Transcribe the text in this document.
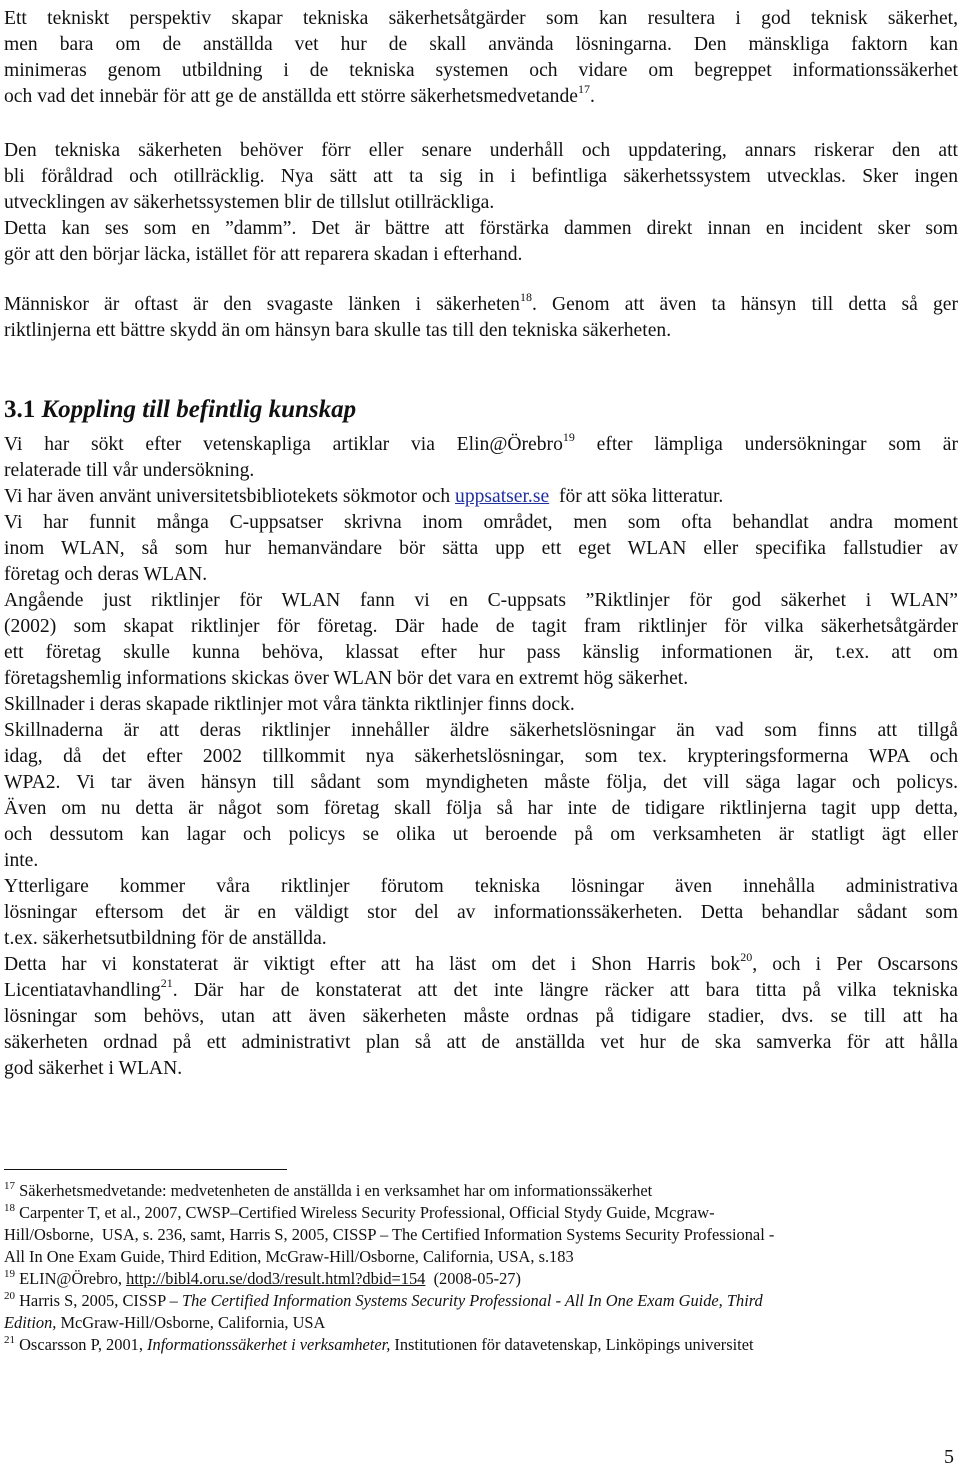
Ett tekniskt perspektiv skapar tekniska säkerhetsåtgärder som kan resultera i god teknisk säkerhet,
men bara om de anställda vet hur de skall använda lösningarna. Den mänskliga faktorn kan
minimeras genom utbildning i de tekniska systemen och vidare om begreppet informationssäkerhet
och vad det innebär för att ge de anställda ett större säkerhetsmedvetande$^{17}$.

Den tekniska säkerheten behöver förr eller senare underhåll och uppdatering, annars riskerar den att
bli föråldrad och otillräcklig. Nya sätt att ta sig in i befintliga säkerhetssystem utvecklas. Sker ingen
utvecklingen av säkerhetssystemen blir de tillslut otillräckliga.
Detta kan ses som en ”damm”. Det är bättre att förstärka dammen direkt innan en incident sker som
gör att den börjar läcka, istället för att reparera skadan i efterhand.

Människor är oftast är den svagaste länken i säkerheten$^{18}$. Genom att även ta hänsyn till detta så ger
riktlinjerna ett bättre skydd än om hänsyn bara skulle tas till den tekniska säkerheten.

3.1 Koppling till befintlig kunskap

Vi har sökt efter vetenskapliga artiklar via Elin@Örebro$^{19}$ efter lämpliga undersökningar som är
relaterade till vår undersökning.

Vi har även använt universitetsbibliotekets sökmotor och uppsatser.se  för att söka litteratur.

Vi har funnit många C-uppsatser skrivna inom området, men som ofta behandlat andra moment
inom WLAN, så som hur hemanvändare bör sätta upp ett eget WLAN eller specifika fallstudier av
företag och deras WLAN.

Angående just riktlinjer för WLAN fann vi en C-uppsats ”Riktlinjer för god säkerhet i WLAN”
(2002) som skapat riktlinjer för företag. Där hade de tagit fram riktlinjer för vilka säkerhetsåtgärder
ett företag skulle kunna behöva, klassat efter hur pass känslig informationen är, t.ex. att om
företagshemlig informations skickas över WLAN bör det vara en extremt hög säkerhet.
Skillnader i deras skapade riktlinjer mot våra tänkta riktlinjer finns dock.

Skillnaderna är att deras riktlinjer innehåller äldre säkerhetslösningar än vad som finns att tillgå
idag, då det efter 2002 tillkommit nya säkerhetslösningar, som tex. krypteringsformerna WPA och
WPA2. Vi tar även hänsyn till sådant som myndigheten måste följa, det vill säga lagar och policys.
Även om nu detta är något som företag skall följa så har inte de tidigare riktlinjerna tagit upp detta,
och dessutom kan lagar och policys se olika ut beroende på om verksamheten är statligt ägt eller
inte.

Ytterligare kommer våra riktlinjer förutom tekniska lösningar även innehålla administrativa
lösningar eftersom det är en väldigt stor del av informationssäkerheten. Detta behandlar sådant som
t.ex. säkerhetsutbildning för de anställda.

Detta har vi konstaterat är viktigt efter att ha läst om det i Shon Harris bok$^{20}$, och i Per Oscarsons
Licentiatavhandling$^{21}$. Där har de konstaterat att det inte längre räcker att bara titta på vilka tekniska
lösningar som behövs, utan att även säkerheten måste ordnas på tidigare stadier, dvs. se till att ha
säkerheten ordnad på ett administrativt plan så att de anställda vet hur de ska samverka för att hålla
god säkerhet i WLAN.

$^{17}$ Säkerhetsmedvetande: medvetenheten de anställda i en verksamhet har om informationssäkerhet

$^{18}$ Carpenter T, et al., 2007, CWSP–Certified Wireless Security Professional, Official Stydy Guide, Mcgraw-
Hill/Osborne,  USA, s. 236, samt, Harris S, 2005, CISSP – The Certified Information Systems Security Professional -
All In One Exam Guide, Third Edition, McGraw-Hill/Osborne, California, USA, s.183

$^{19}$ ELIN@Örebro, http://bibl4.oru.se/dod3/result.html?dbid=154  (2008-05-27)

$^{20}$ Harris S, 2005, CISSP – The Certified Information Systems Security Professional - All In One Exam Guide, Third
Edition, McGraw-Hill/Osborne, California, USA

$^{21}$ Oscarsson P, 2001, Informationssäkerhet i verksamheter, Institutionen för datavetenskap, Linköpings universitet

5
